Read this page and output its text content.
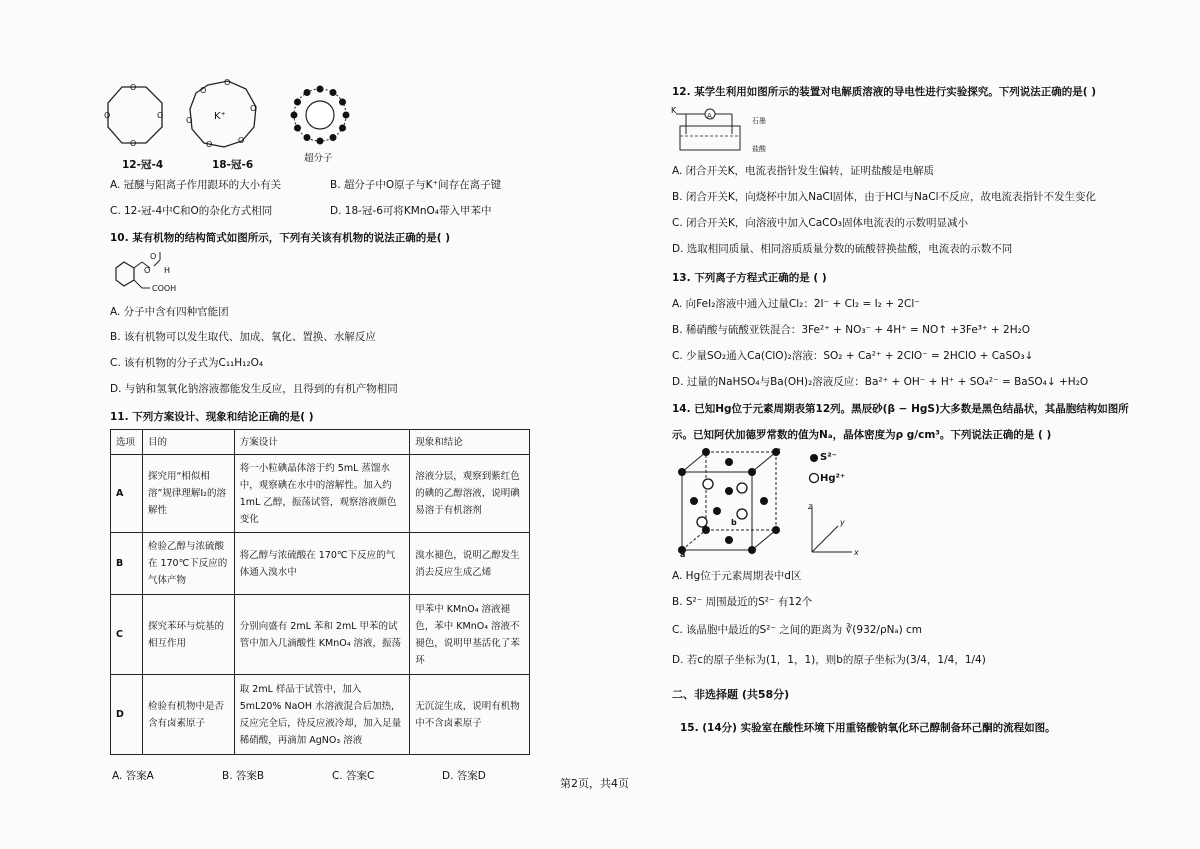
O
O
O
O
O
O
O
O
O
O
K⁺
12-冠-4	18-冠-6
超分子
A. 冠醚与阳离子作用跟环的大小有关	B. 超分子中O原子与K⁺间存在离子键
C. 12-冠-4中C和O的杂化方式相同	D. 18-冠-6可将KMnO₄带入甲苯中
10. 某有机物的结构简式如图所示，下列有关该有机物的说法正确的是( )
O
O H
COOH
A. 分子中含有四种官能团
B. 该有机物可以发生取代、加成、氧化、置换、水解反应
C. 该有机物的分子式为C₁₁H₁₂O₄
D. 与钠和氢氧化钠溶液都能发生反应，且得到的有机产物相同
11. 下列方案设计、现象和结论正确的是( )
选项	目的	方案设计	现象和结论
A	探究用“相似相溶”规律理解I₂的溶解性	将一小粒碘晶体溶于约 5mL 蒸馏水中，观察碘在水中的溶解性。加入约1mL 乙醇，振荡试管，观察溶液颜色变化	溶液分层，观察到紫红色的碘的乙醇溶液，说明碘易溶于有机溶剂
B	检验乙醇与浓硫酸在 170℃下反应的气体产物	将乙醇与浓硫酸在 170℃下反应的气体通入溴水中	溴水褪色，说明乙醇发生消去反应生成乙烯
C	探究苯环与烷基的相互作用	分别向盛有 2mL 苯和 2mL 甲苯的试管中加入几滴酸性 KMnO₄ 溶液，振荡	甲苯中 KMnO₄ 溶液褪色，苯中 KMnO₄ 溶液不褪色，说明甲基活化了苯环
D	检验有机物中是否含有卤素原子	取 2mL 样品于试管中，加入 5mL20% NaOH 水溶液混合后加热，反应完全后，待反应液冷却，加入足量稀硝酸，再滴加 AgNO₃ 溶液	无沉淀生成，说明有机物中不含卤素原子
A. 答案A	B. 答案B	C. 答案C	D. 答案D
第2页，共4页
12. 某学生利用如图所示的装置对电解质溶液的导电性进行实验探究。下列说法正确的是( )
K
A
石墨
盐酸
A. 闭合开关K，电流表指针发生偏转，证明盐酸是电解质
B. 闭合开关K，向烧杯中加入NaCl固体，由于HCl与NaCl不反应，故电流表指针不发生变化
C. 闭合开关K，向溶液中加入CaCO₃固体电流表的示数明显减小
D. 选取相同质量、相同溶质质量分数的硫酸替换盐酸，电流表的示数不同
13. 下列离子方程式正确的是 ( )
A. 向FeI₂溶液中通入过量Cl₂：2I⁻ + Cl₂ = I₂ + 2Cl⁻
B. 稀硝酸与硫酸亚铁混合：3Fe²⁺ + NO₃⁻ + 4H⁺ = NO↑ +3Fe³⁺ + 2H₂O
C. 少量SO₂通入Ca(ClO)₂溶液：SO₂ + Ca²⁺ + 2ClO⁻ = 2HClO + CaSO₃↓
D. 过量的NaHSO₄与Ba(OH)₂溶液反应：Ba²⁺ + OH⁻ + H⁺ + SO₄²⁻ = BaSO₄↓ +H₂O
14. 已知Hg位于元素周期表第12列。黑辰砂(β − HgS)大多数是黑色结晶状，其晶胞结构如图所
示。已知阿伏加德罗常数的值为Nₐ，晶体密度为ρ g/cm³。下列说法正确的是 ( )
S²⁻
Hg²⁺
a
b
c
x
y
z
A. Hg位于元素周期表中d区
B. S²⁻ 周围最近的S²⁻ 有12个
C. 该晶胞中最近的S²⁻ 之间的距离为 ∛(932/ρNₐ) cm
D. 若c的原子坐标为(1，1，1)，则b的原子坐标为(3/4，1/4，1/4)
二、非选择题 (共58分)
15. (14分) 实验室在酸性环境下用重铬酸钠氧化环己醇制备环己酮的流程如图。
